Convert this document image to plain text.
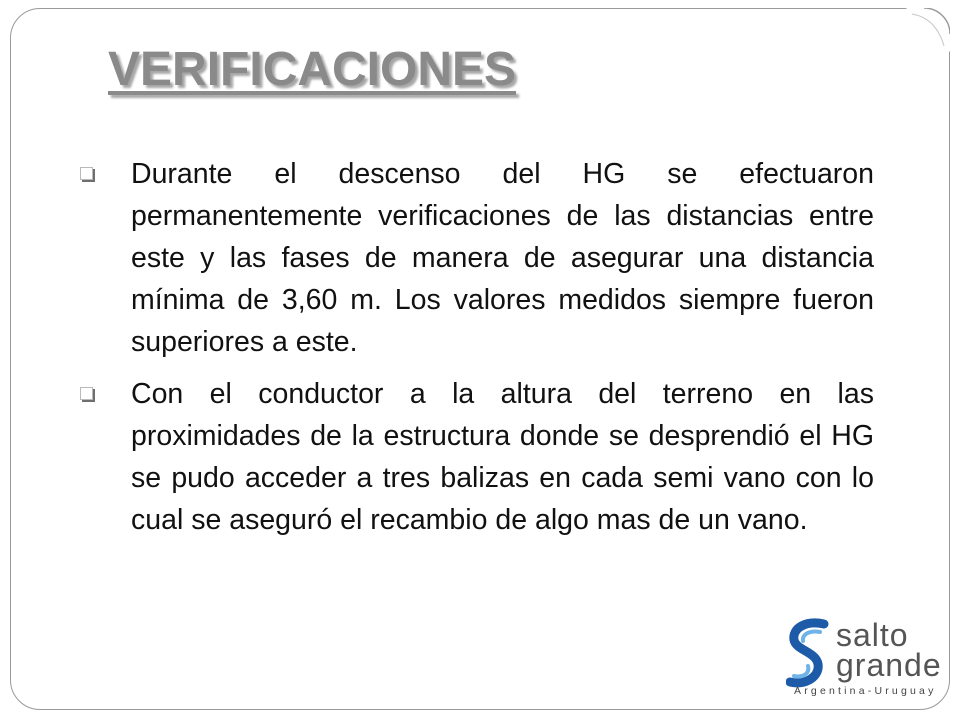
VERIFICACIONES

Durante el descenso del HG se efectuaron permanentemente verificaciones de las distancias entre este y las fases de manera de asegurar una distancia mínima de 3,60 m. Los valores medidos siempre fueron superiores a este.

Con el conductor a la altura del terreno en las proximidades de la estructura donde se desprendió el HG se pudo acceder a tres balizas en cada semi vano con lo cual se aseguró el recambio de algo mas de un vano.

salto
grande
Argentina-Uruguay
